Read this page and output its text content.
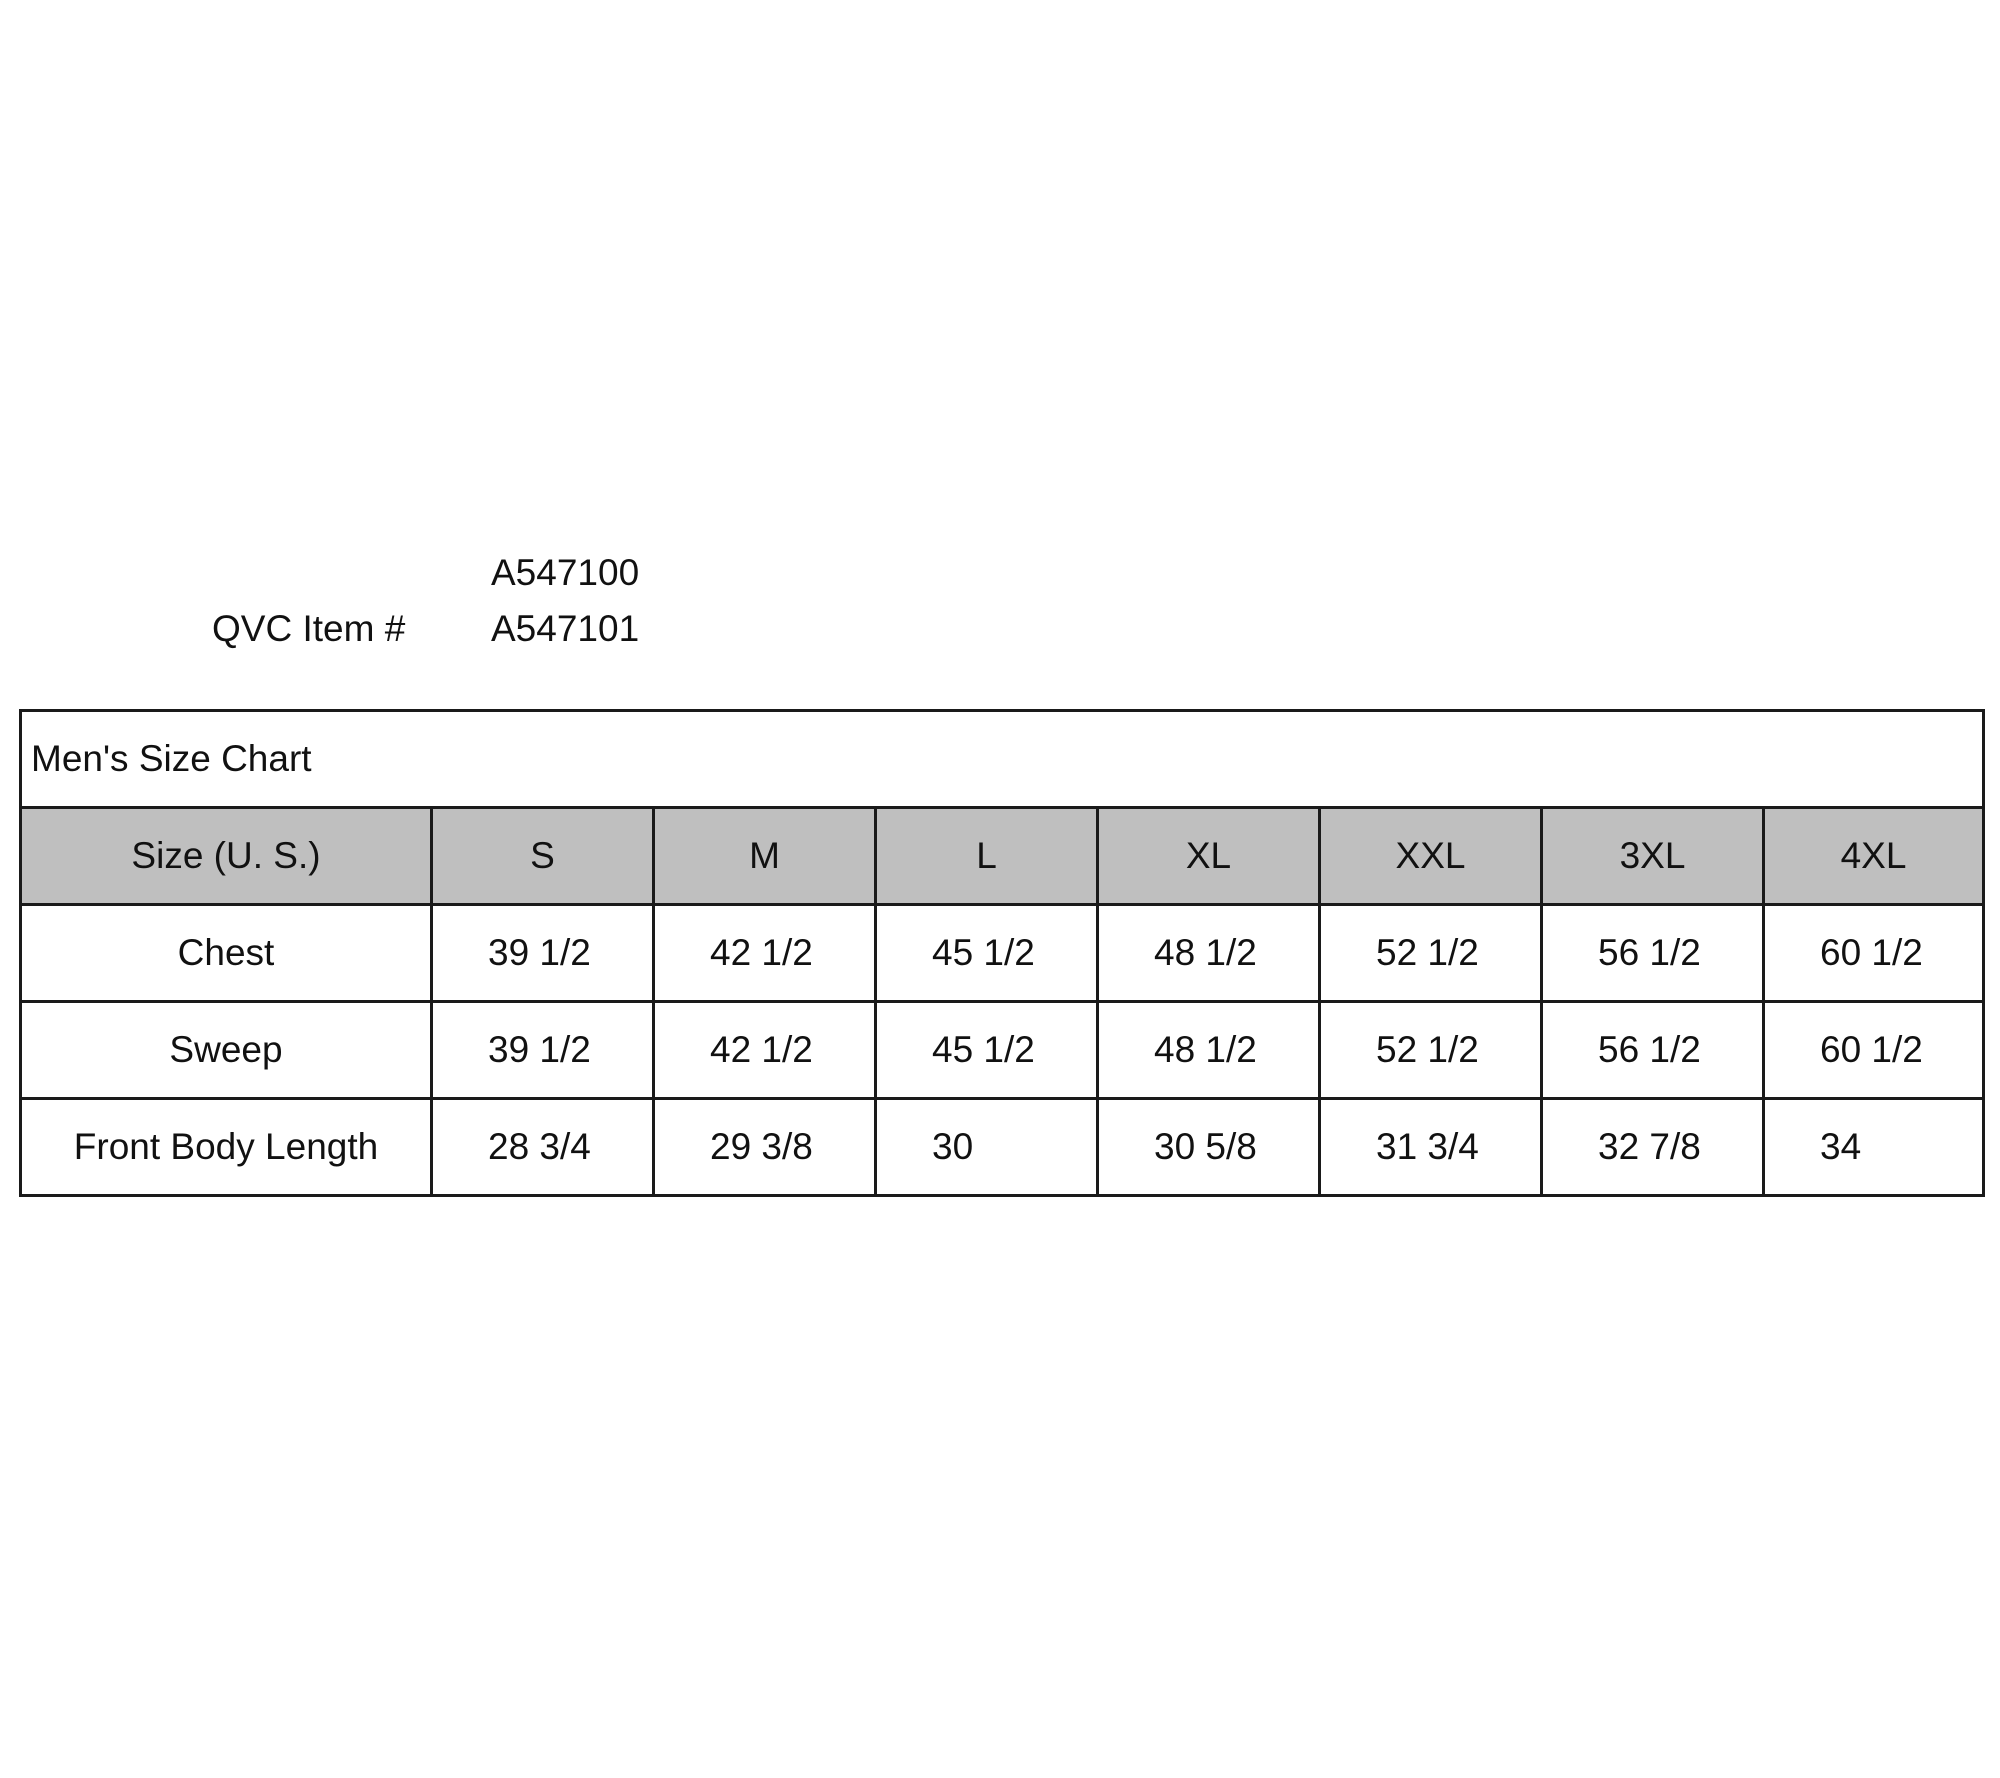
QVC Item #
A547100
A547101
Men's Size Chart							
Size (U. S.)	S	M	L	XL	XXL	3XL	4XL
Chest	39 1/2	42 1/2	45 1/2	48 1/2	52 1/2	56 1/2	60 1/2
Sweep	39 1/2	42 1/2	45 1/2	48 1/2	52 1/2	56 1/2	60 1/2
Front Body Length	28 3/4	29 3/8	30	30 5/8	31 3/4	32 7/8	34
